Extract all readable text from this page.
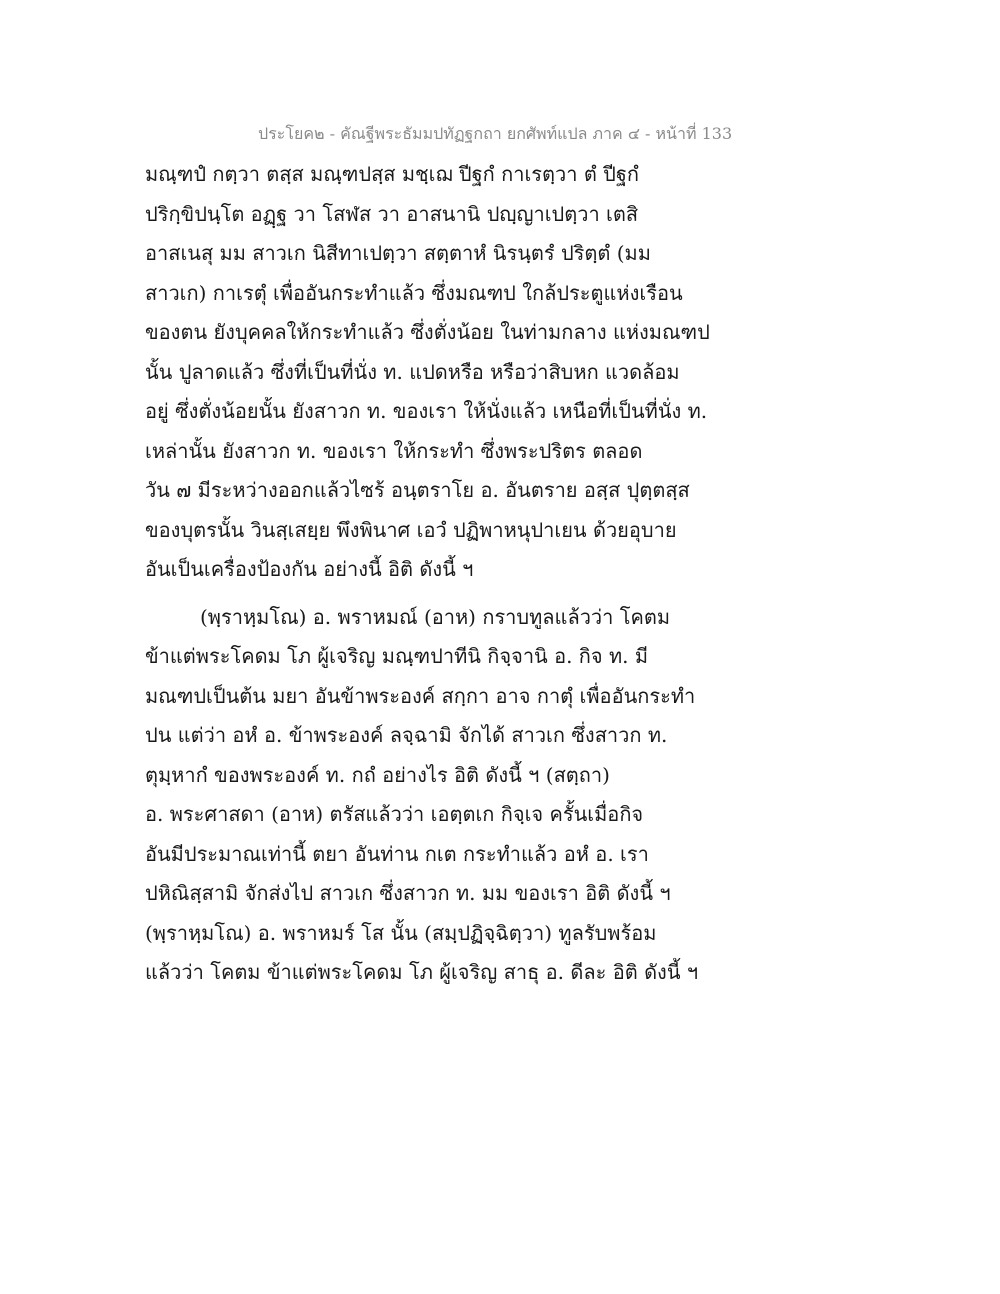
ประโยค๒ - คัณฐีพระธัมมปทัฏฐกถา ยกศัพท์แปล ภาค ๔ - หน้าที่ 133
มณฺฑปํ กตฺวา ตสฺส มณฺฑปสฺส มชฺเฌ ปีฐกํ กาเรตฺวา ตํ ปีฐกํ
ปริกฺขิปนฺโต อฏฺฐ วา โสฬส วา อาสนานิ ปญฺญาเปตฺวา เตสิ
อาสเนสุ มม สาวเก นิสีทาเปตฺวา สตฺตาหํ นิรนฺตรํ ปริตฺตํ (มม
สาวเก) กาเรตุํ เพื่ออันกระทำแล้ว ซึ่งมณฑป ใกล้ประตูแห่งเรือน
ของตน ยังบุคคลให้กระทำแล้ว ซึ่งตั่งน้อย ในท่ามกลาง แห่งมณฑป
นั้น ปูลาดแล้ว ซึ่งที่เป็นที่นั่ง ท. แปดหรือ หรือว่าสิบหก แวดล้อม
อยู่ ซึ่งตั่งน้อยนั้น ยังสาวก ท. ของเรา ให้นั่งแล้ว เหนือที่เป็นที่นั่ง ท.
เหล่านั้น ยังสาวก ท. ของเรา ให้กระทำ ซึ่งพระปริตร ตลอด
วัน ๗ มีระหว่างออกแล้วไซร้ อนฺตราโย อ. อันตราย อสฺส ปุตฺตสฺส
ของบุตรนั้น วินสฺเสยฺย พึงพินาศ เอวํ ปฏิพาหนุปาเยน ด้วยอุบาย
อันเป็นเครื่องป้องกัน อย่างนี้ อิติ ดังนี้ ฯ
(พฺราหฺมโณ) อ. พราหมณ์ (อาห) กราบทูลแล้วว่า โคตม
ข้าแต่พระโคดม โภ ผู้เจริญ มณฺฑปาทีนิ กิจฺจานิ อ. กิจ ท. มี
มณฑปเป็นต้น มยา อันข้าพระองค์ สกฺกา อาจ กาตุํ เพื่ออันกระทำ
ปน แต่ว่า อหํ อ. ข้าพระองค์ ลจฺฉามิ จักได้ สาวเก ซึ่งสาวก ท.
ตุมฺหากํ ของพระองค์ ท. กถํ อย่างไร อิติ ดังนี้ ฯ (สตฺถา)
อ. พระศาสดา (อาห) ตรัสแล้วว่า เอตฺตเก กิจฺเจ ครั้นเมื่อกิจ
อันมีประมาณเท่านี้ ตยา อันท่าน กเต กระทำแล้ว อหํ อ. เรา
ปหิณิสฺสามิ จักส่งไป สาวเก ซึ่งสาวก ท. มม ของเรา อิติ ดังนี้ ฯ
(พฺราหฺมโณ) อ. พราหมร์ โส นั้น (สมฺปฏิจฺฉิตฺวา) ทูลรับพร้อม
แล้วว่า โคตม ข้าแต่พระโคดม โภ ผู้เจริญ สาธุ อ. ดีละ อิติ ดังนี้ ฯ
